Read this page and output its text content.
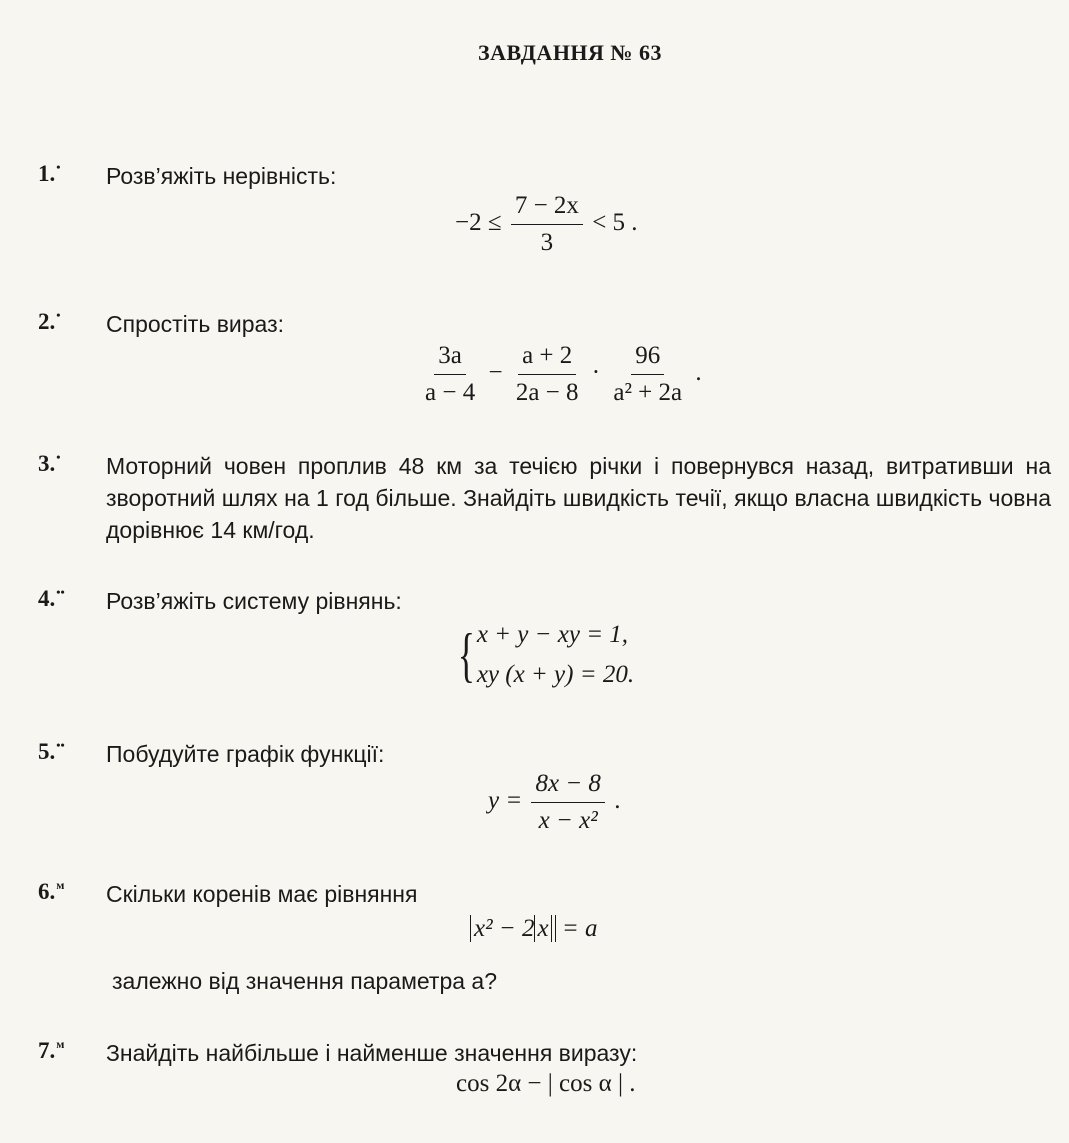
ЗАВДАННЯ № 63
1.• Розв’яжіть нерівність:
$-2 \le \frac{7 - 2x}{3} < 5$ .
2.• Спростіть вираз:
$\frac{3a}{a - 4} - \frac{a + 2}{2a - 8} \cdot \frac{96}{\text{a² + 2a}}$ .
3.• Моторний човен проплив 48 км за течією річки і повернувся назад, витративши на зворотний шлях на 1 год більше. Знайдіть швидкість течії, якщо власна швидкість човна дорівнює 14 км/год.
4.•• Розв’яжіть систему рівнянь:
{ x + y − xy = 1,
xy (x + y) = 20.
5.•• Побудуйте графік функції:
$y = \frac{8x - 8}{\text{x − x²}}$ .
6.$^м$ Скільки коренів має рівняння
x² − 2 x = a
залежно від значення параметра a?
7.$^м$ Знайдіть найбільше і найменше значення виразу:
cos 2α − | cos α | .
